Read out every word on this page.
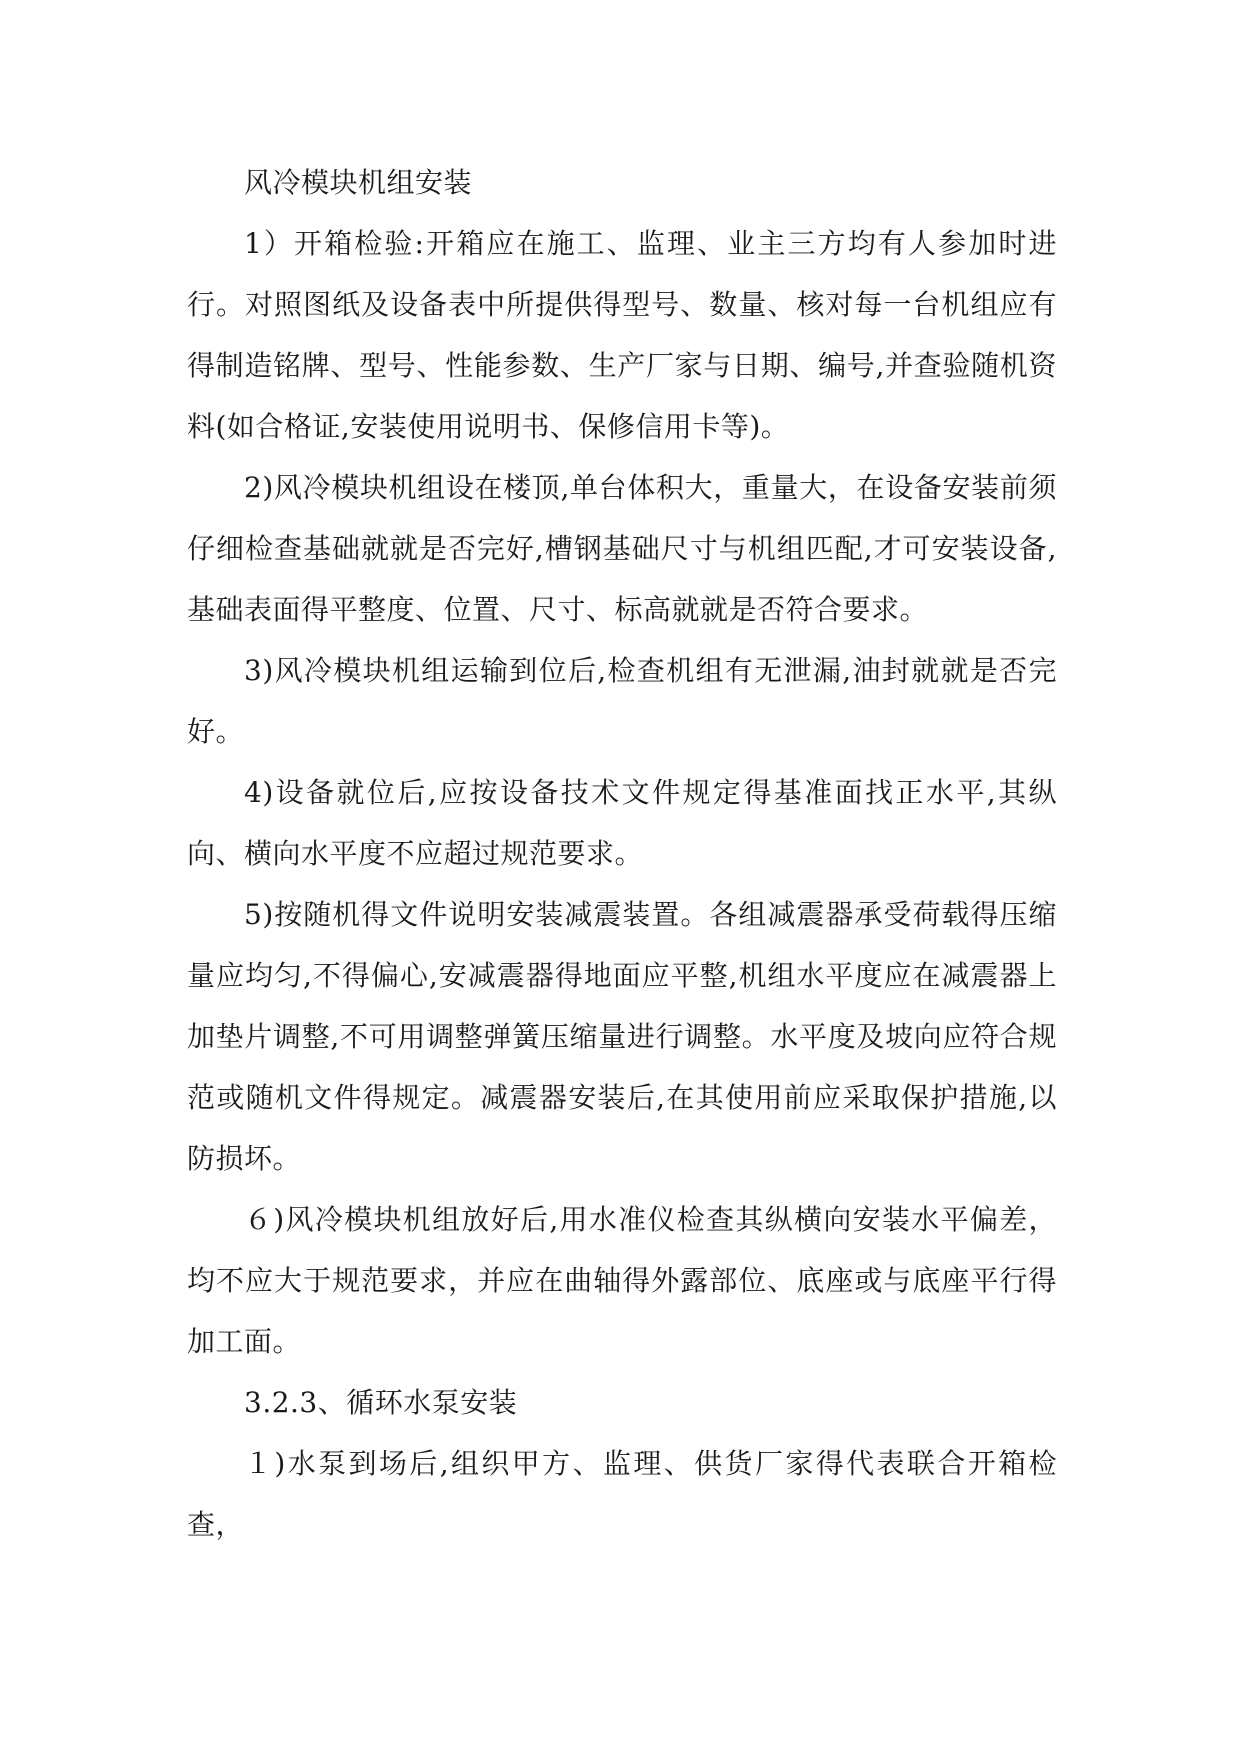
风冷模块机组安装

1）开箱检验:开箱应在施工、监理、业主三方均有人参加时进行。对照图纸及设备表中所提供得型号、数量、核对每一台机组应有得制造铭牌、型号、性能参数、生产厂家与日期、编号,并查验随机资料(如合格证,安装使用说明书、保修信用卡等)。

2)风冷模块机组设在楼顶,单台体积大，重量大，在设备安装前须仔细检查基础就就是否完好,槽钢基础尺寸与机组匹配,才可安装设备,基础表面得平整度、位置、尺寸、标高就就是否符合要求。

3)风冷模块机组运输到位后,检查机组有无泄漏,油封就就是否完好。

4)设备就位后,应按设备技术文件规定得基准面找正水平,其纵向、横向水平度不应超过规范要求。

5)按随机得文件说明安装减震装置。各组减震器承受荷载得压缩量应均匀,不得偏心,安减震器得地面应平整,机组水平度应在减震器上加垫片调整,不可用调整弹簧压缩量进行调整。水平度及坡向应符合规范或随机文件得规定。减震器安装后,在其使用前应采取保护措施,以防损坏。

６)风冷模块机组放好后,用水准仪检查其纵横向安装水平偏差，均不应大于规范要求，并应在曲轴得外露部位、底座或与底座平行得加工面。

3.2.3、循环水泵安装

１)水泵到场后,组织甲方、监理、供货厂家得代表联合开箱检查，
